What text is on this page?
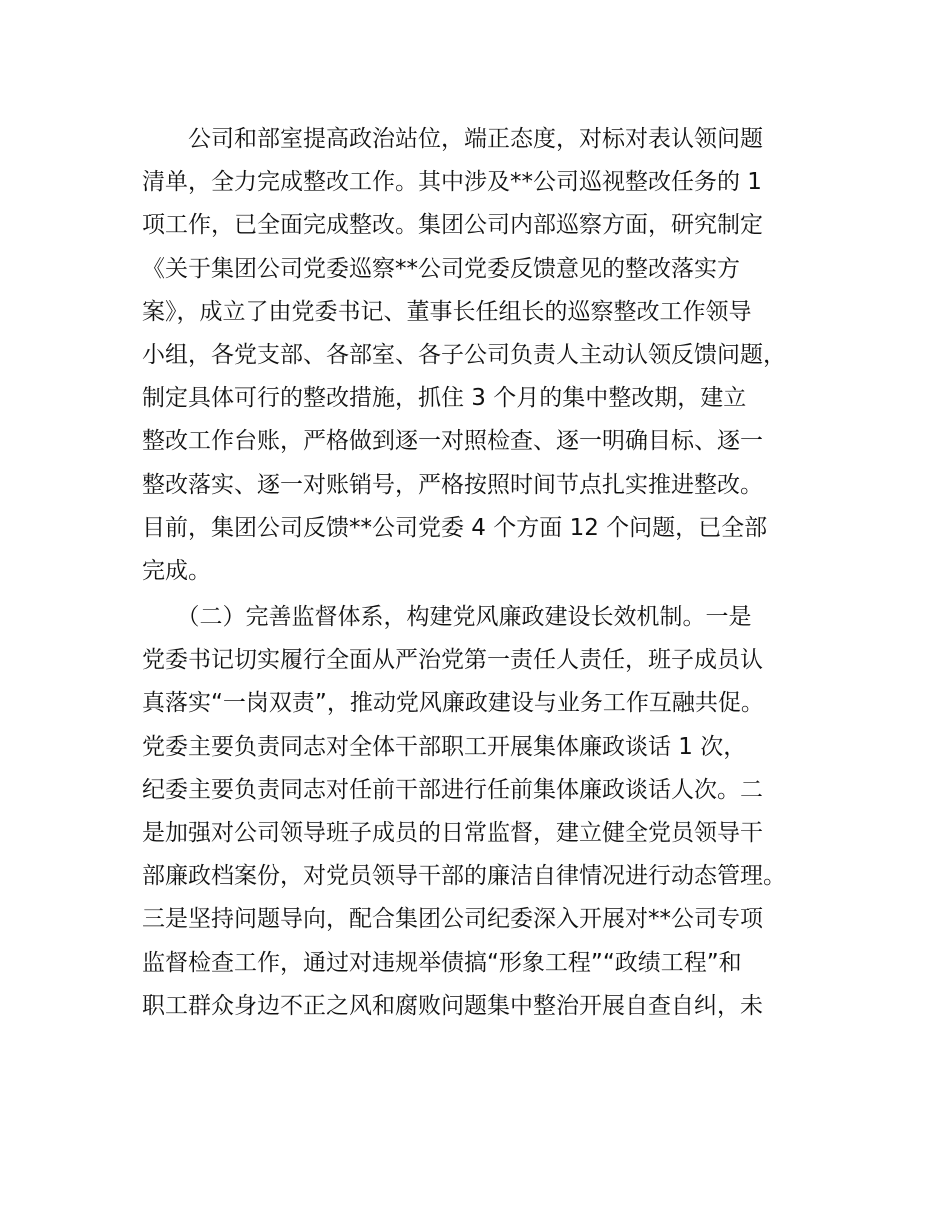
　　公司和部室提高政治站位，端正态度，对标对表认领问题
清单，全力完成整改工作。其中涉及**公司巡视整改任务的 1
项工作，已全面完成整改。集团公司内部巡察方面，研究制定
《关于集团公司党委巡察**公司党委反馈意见的整改落实方
案》，成立了由党委书记、董事长任组长的巡察整改工作领导
小组，各党支部、各部室、各子公司负责人主动认领反馈问题，
制定具体可行的整改措施，抓住 3 个月的集中整改期，建立
整改工作台账，严格做到逐一对照检查、逐一明确目标、逐一
整改落实、逐一对账销号，严格按照时间节点扎实推进整改。
目前，集团公司反馈**公司党委 4 个方面 12 个问题，已全部
完成。

　　（二）完善监督体系，构建党风廉政建设长效机制。一是
党委书记切实履行全面从严治党第一责任人责任，班子成员认
真落实“一岗双责”，推动党风廉政建设与业务工作互融共促。
党委主要负责同志对全体干部职工开展集体廉政谈话 1 次，
纪委主要负责同志对任前干部进行任前集体廉政谈话人次。二
是加强对公司领导班子成员的日常监督，建立健全党员领导干
部廉政档案份，对党员领导干部的廉洁自律情况进行动态管理。
三是坚持问题导向，配合集团公司纪委深入开展对**公司专项
监督检查工作，通过对违规举债搞“形象工程”“政绩工程”和
职工群众身边不正之风和腐败问题集中整治开展自查自纠，未
